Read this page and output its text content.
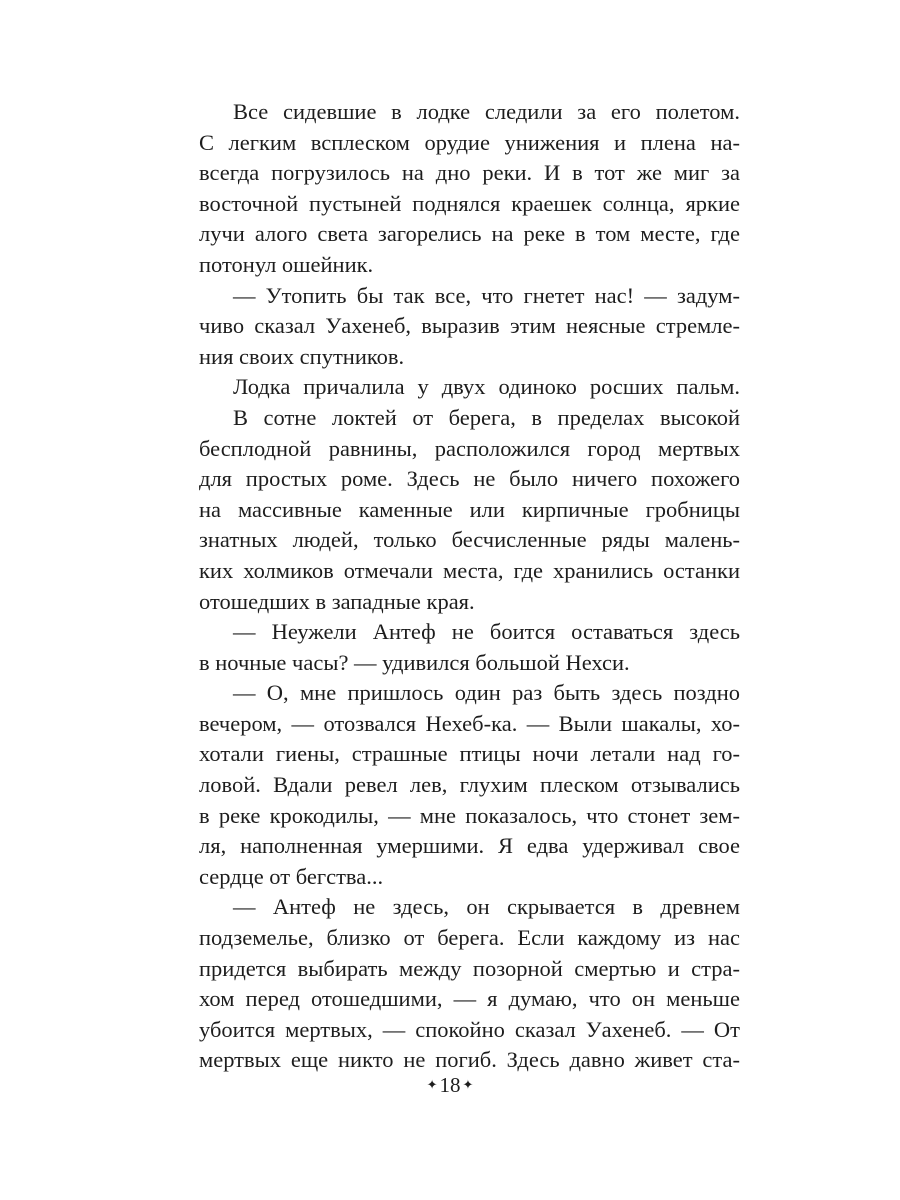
Все сидевшие в лодке следили за его полетом.
С легким всплеском орудие унижения и плена на-
всегда погрузилось на дно реки. И в тот же миг за
восточной пустыней поднялся краешек солнца, яркие
лучи алого света загорелись на реке в том месте, где
потонул ошейник.
— Утопить бы так все, что гнетет нас! — задум-
чиво сказал Уахенеб, выразив этим неясные стремле-
ния своих спутников.
Лодка причалила у двух одиноко росших пальм.
В сотне локтей от берега, в пределах высокой
бесплодной равнины, расположился город мертвых
для простых роме. Здесь не было ничего похожего
на массивные каменные или кирпичные гробницы
знатных людей, только бесчисленные ряды малень-
ких холмиков отмечали места, где хранились останки
отошедших в западные края.
— Неужели Антеф не боится оставаться здесь
в ночные часы? — удивился большой Нехси.
— О, мне пришлось один раз быть здесь поздно
вечером, — отозвался Нехеб-ка. — Выли шакалы, хо-
хотали гиены, страшные птицы ночи летали над го-
ловой. Вдали ревел лев, глухим плеском отзывались
в реке крокодилы, — мне показалось, что стонет зем-
ля, наполненная умершими. Я едва удерживал свое
сердце от бегства...
— Антеф не здесь, он скрывается в древнем
подземелье, близко от берега. Если каждому из нас
придется выбирать между позорной смертью и стра-
хом перед отошедшими, — я думаю, что он меньше
убоится мертвых, — спокойно сказал Уахенеб. — От
мертвых еще никто не погиб. Здесь давно живет ста-
✦18 ✦
